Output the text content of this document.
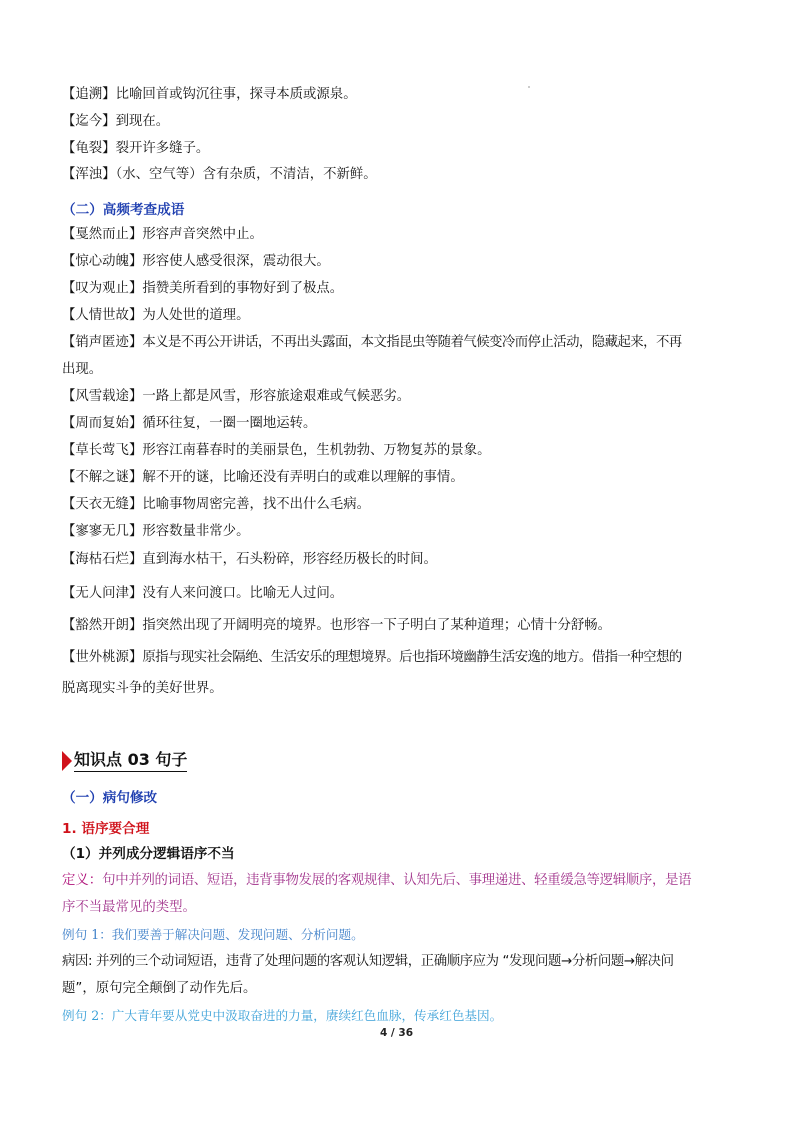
【追溯】比喻回首或钩沉往事，探寻本质或源泉。
【迄今】到现在。
【龟裂】裂开许多缝子。
【浑浊】（水、空气等）含有杂质，不清洁，不新鲜。
（二）高频考查成语
【戛然而止】形容声音突然中止。
【惊心动魄】形容使人感受很深，震动很大。
【叹为观止】指赞美所看到的事物好到了极点。
【人情世故】为人处世的道理。
【销声匿迹】本义是不再公开讲话，不再出头露面，本文指昆虫等随着气候变冷而停止活动，隐藏起来，不再
出现。
【风雪载途】一路上都是风雪，形容旅途艰难或气候恶劣。
【周而复始】循环往复，一圈一圈地运转。
【草长莺飞】形容江南暮春时的美丽景色，生机勃勃、万物复苏的景象。
【不解之谜】解不开的谜，比喻还没有弄明白的或难以理解的事情。
【天衣无缝】比喻事物周密完善，找不出什么毛病。
【寥寥无几】形容数量非常少。
【海枯石烂】直到海水枯干，石头粉碎，形容经历极长的时间。
【无人问津】没有人来问渡口。比喻无人过问。
【豁然开朗】指突然出现了开阔明亮的境界。也形容一下子明白了某种道理；心情十分舒畅。
【世外桃源】原指与现实社会隔绝、生活安乐的理想境界。后也指环境幽静生活安逸的地方。借指一种空想的
脱离现实斗争的美好世界。
知识点 03 句子
（一）病句修改
1. 语序要合理
（1）并列成分逻辑语序不当
定义：句中并列的词语、短语，违背事物发展的客观规律、认知先后、事理递进、轻重缓急等逻辑顺序，是语
序不当最常见的类型。
例句 1：我们要善于解决问题、发现问题、分析问题。
病因: 并列的三个动词短语，违背了处理问题的客观认知逻辑，正确顺序应为 “发现问题→分析问题→解决问
题”，原句完全颠倒了动作先后。
例句 2：广大青年要从党史中汲取奋进的力量，赓续红色血脉，传承红色基因。
4 / 36
